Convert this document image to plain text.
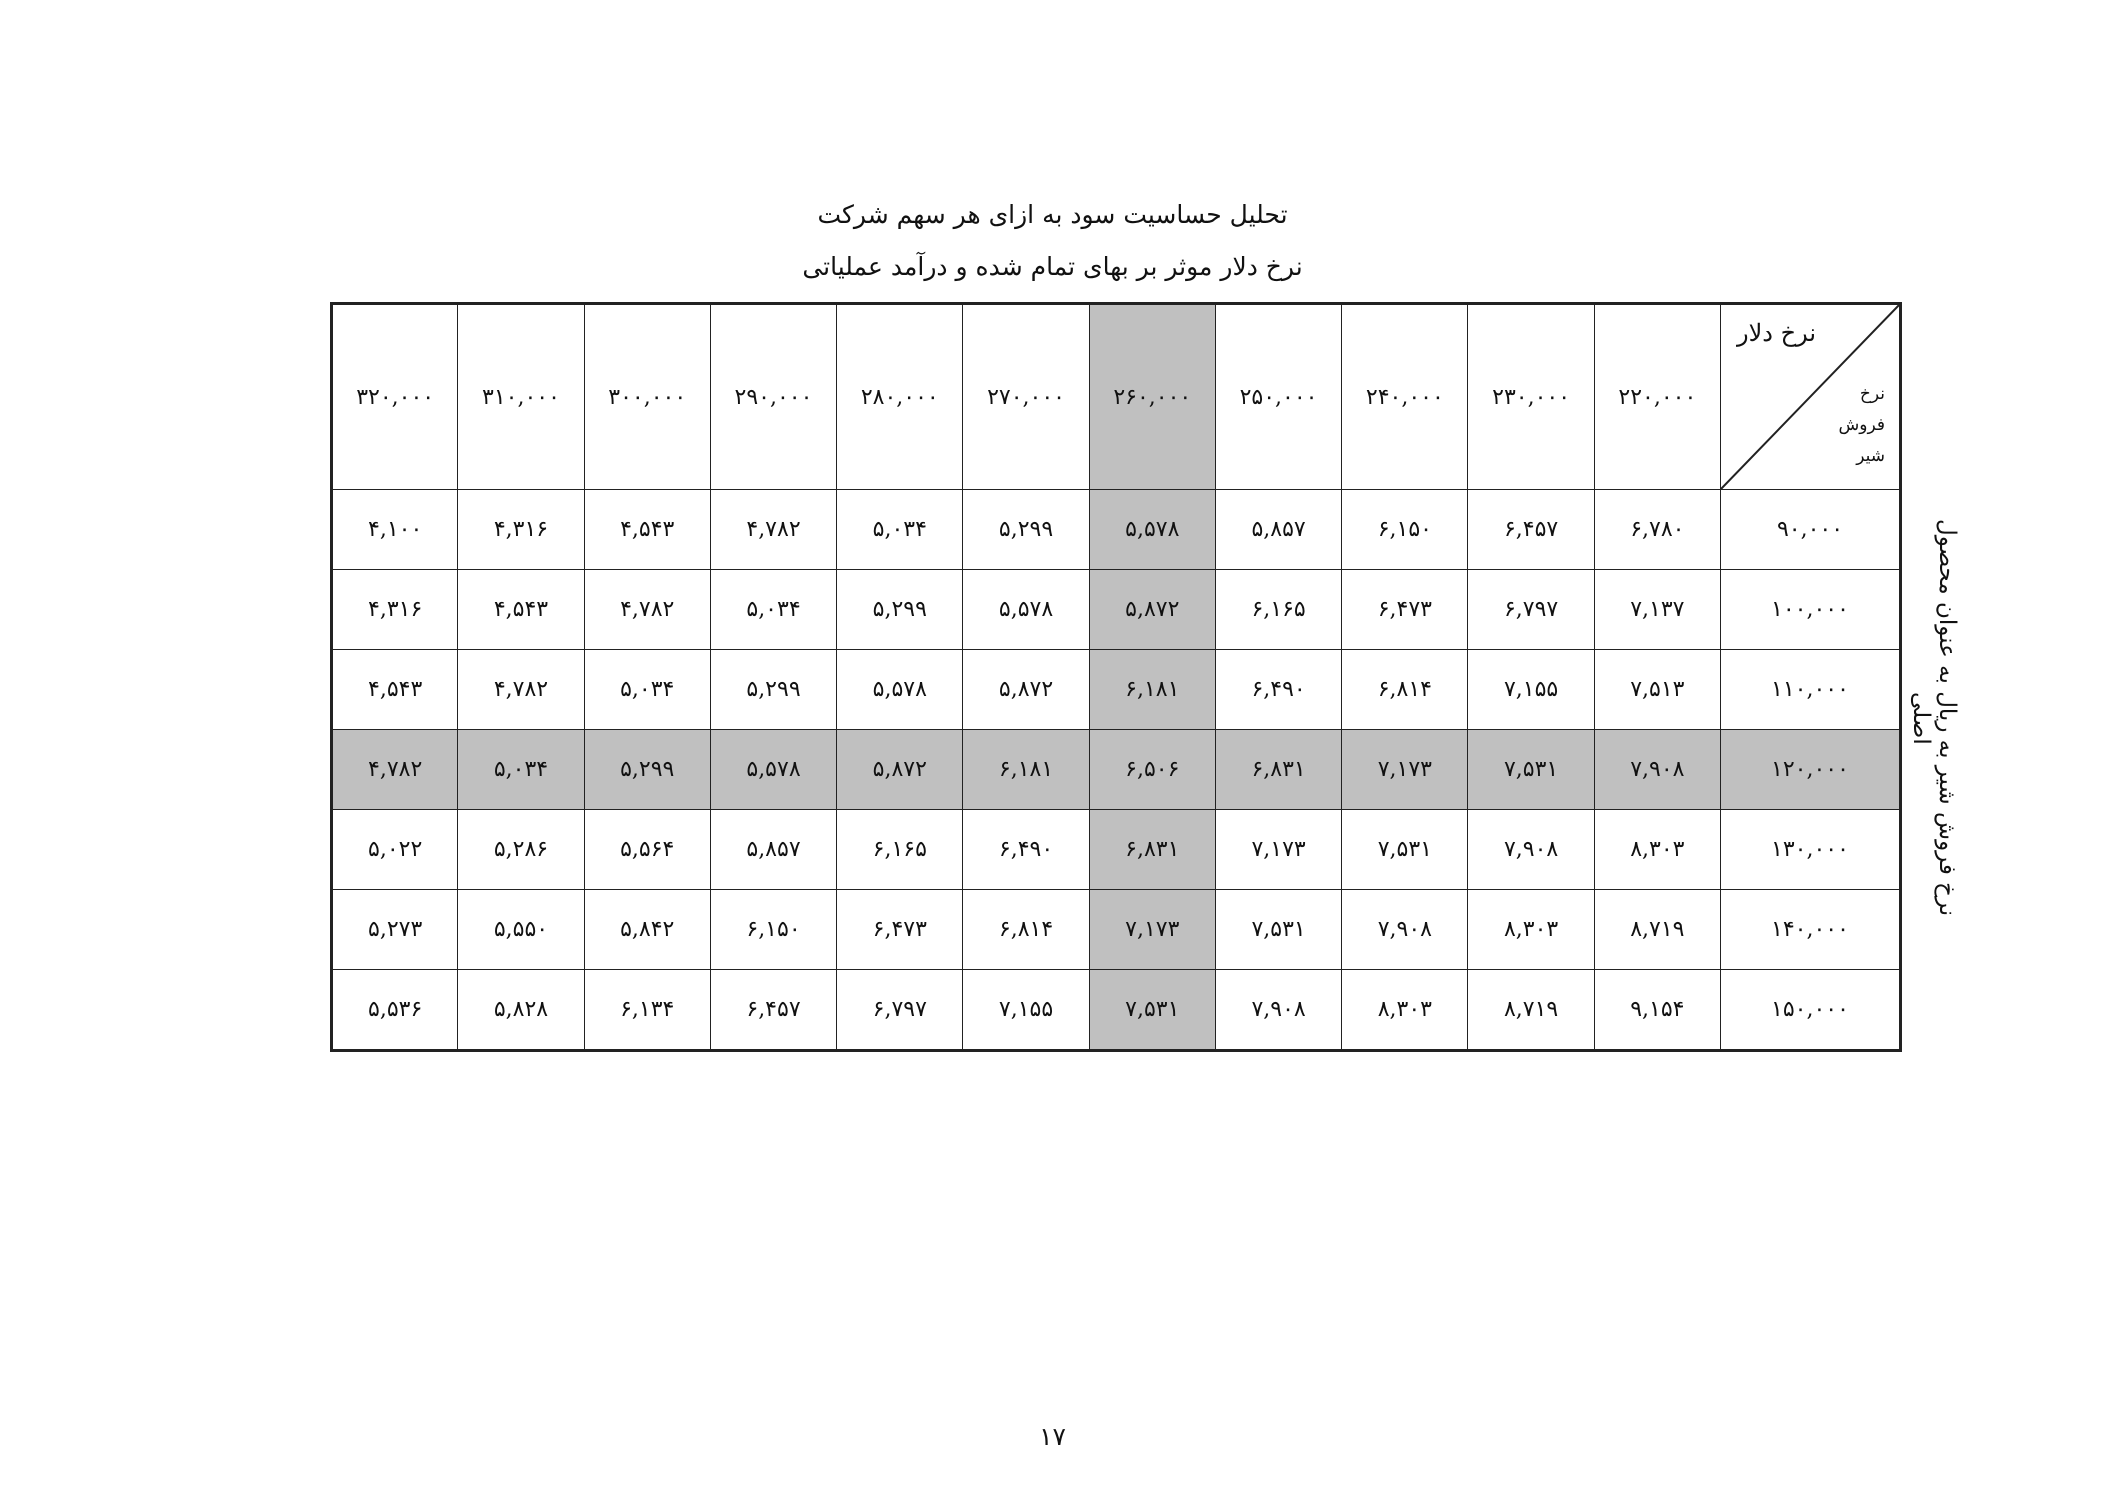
تحلیل حساسیت سود به ازای هر سهم شرکت
نرخ دلار موثر بر بهای تمام شده و درآمد عملیاتی
نرخ دلار
نرخ
فروش
شیر	۲۲۰,۰۰۰	۲۳۰,۰۰۰	۲۴۰,۰۰۰	۲۵۰,۰۰۰	۲۶۰,۰۰۰	۲۷۰,۰۰۰	۲۸۰,۰۰۰	۲۹۰,۰۰۰	۳۰۰,۰۰۰	۳۱۰,۰۰۰	۳۲۰,۰۰۰
۹۰,۰۰۰	۶,۷۸۰	۶,۴۵۷	۶,۱۵۰	۵,۸۵۷	۵,۵۷۸	۵,۲۹۹	۵,۰۳۴	۴,۷۸۲	۴,۵۴۳	۴,۳۱۶	۴,۱۰۰
۱۰۰,۰۰۰	۷,۱۳۷	۶,۷۹۷	۶,۴۷۳	۶,۱۶۵	۵,۸۷۲	۵,۵۷۸	۵,۲۹۹	۵,۰۳۴	۴,۷۸۲	۴,۵۴۳	۴,۳۱۶
۱۱۰,۰۰۰	۷,۵۱۳	۷,۱۵۵	۶,۸۱۴	۶,۴۹۰	۶,۱۸۱	۵,۸۷۲	۵,۵۷۸	۵,۲۹۹	۵,۰۳۴	۴,۷۸۲	۴,۵۴۳
۱۲۰,۰۰۰	۷,۹۰۸	۷,۵۳۱	۷,۱۷۳	۶,۸۳۱	۶,۵۰۶	۶,۱۸۱	۵,۸۷۲	۵,۵۷۸	۵,۲۹۹	۵,۰۳۴	۴,۷۸۲
۱۳۰,۰۰۰	۸,۳۰۳	۷,۹۰۸	۷,۵۳۱	۷,۱۷۳	۶,۸۳۱	۶,۴۹۰	۶,۱۶۵	۵,۸۵۷	۵,۵۶۴	۵,۲۸۶	۵,۰۲۲
۱۴۰,۰۰۰	۸,۷۱۹	۸,۳۰۳	۷,۹۰۸	۷,۵۳۱	۷,۱۷۳	۶,۸۱۴	۶,۴۷۳	۶,۱۵۰	۵,۸۴۲	۵,۵۵۰	۵,۲۷۳
۱۵۰,۰۰۰	۹,۱۵۴	۸,۷۱۹	۸,۳۰۳	۷,۹۰۸	۷,۵۳۱	۷,۱۵۵	۶,۷۹۷	۶,۴۵۷	۶,۱۳۴	۵,۸۲۸	۵,۵۳۶
نرخ فروش شیر به ریال به عنوان محصول اصلی
۱۷
